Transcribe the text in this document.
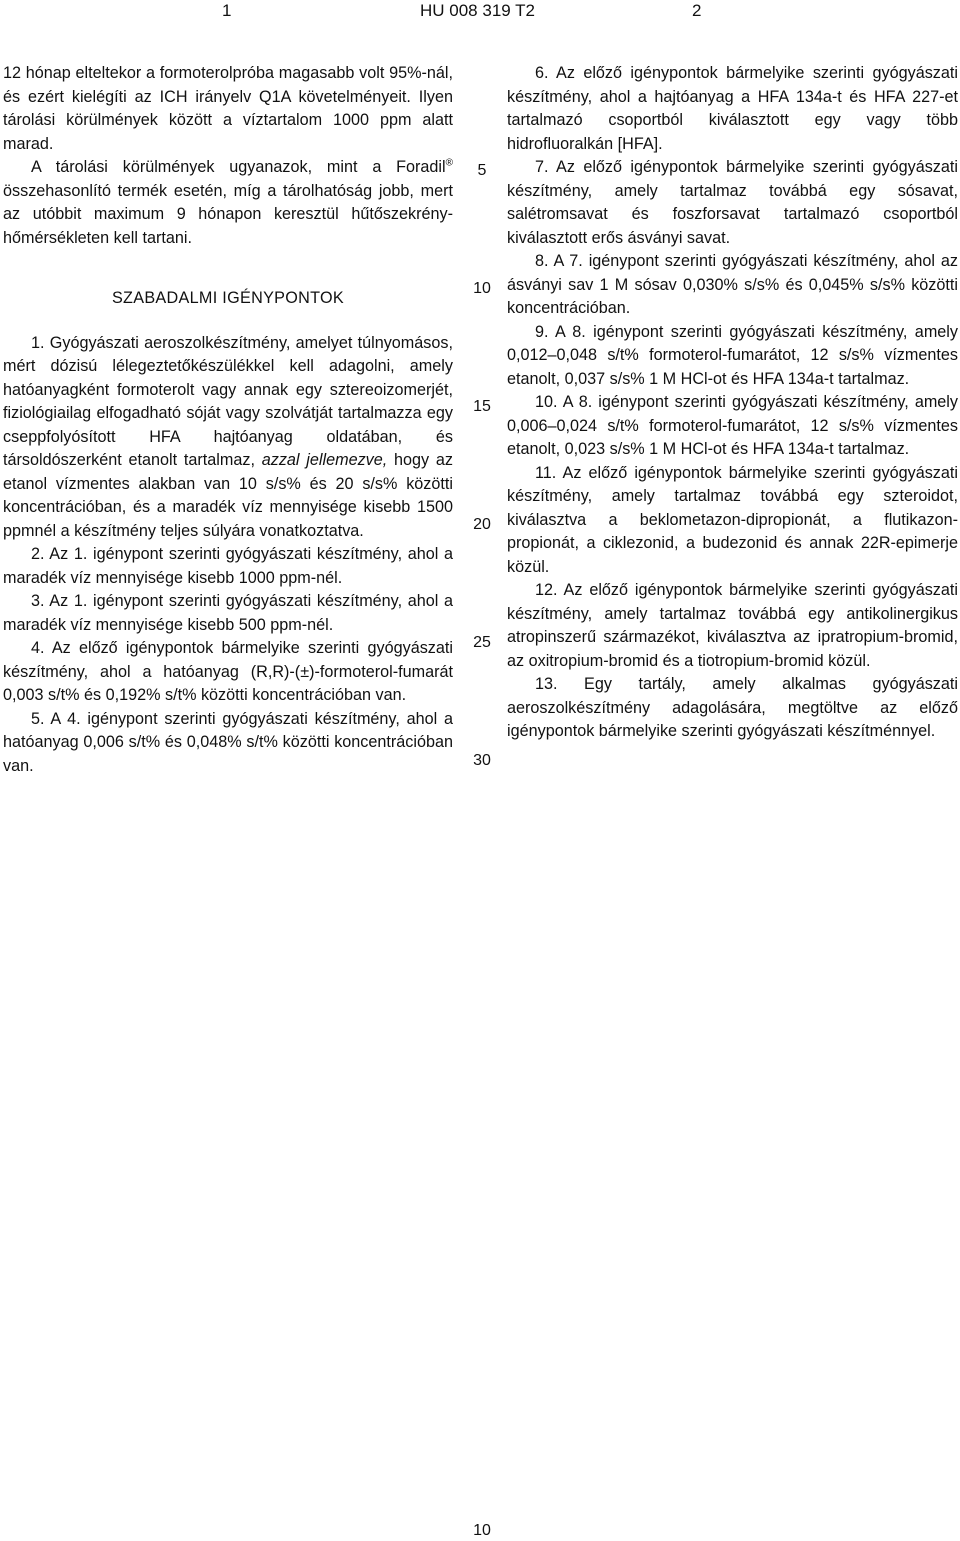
1	HU 008 319 T2	2

12 hónap elteltekor a formoterolpróba magasabb volt 95%-nál, és ezért kielégíti az ICH irányelv Q1A követelményeit. Ilyen tárolási körülmények között a víztartalom 1000 ppm alatt marad.

A tárolási körülmények ugyanazok, mint a Foradil® összehasonlító termék esetén, míg a tárolhatóság jobb, mert az utóbbit maximum 9 hónapon keresztül hűtőszekrény-hőmérsékleten kell tartani.

SZABADALMI IGÉNYPONTOK

1. Gyógyászati aeroszolkészítmény, amelyet túlnyomásos, mért dózisú lélegeztetőkészülékkel kell adagolni, amely hatóanyagként formoterolt vagy annak egy sztereoizomerjét, fiziológiailag elfogadható sóját vagy szolvátját tartalmazza egy cseppfolyósított HFA hajtóanyag oldatában, és társoldószerként etanolt tartalmaz, azzal jellemezve, hogy az etanol vízmentes alakban van 10 s/s% és 20 s/s% közötti koncentrációban, és a maradék víz mennyisége kisebb 1500 ppmnél a készítmény teljes súlyára vonatkoztatva.

2. Az 1. igénypont szerinti gyógyászati készítmény, ahol a maradék víz mennyisége kisebb 1000 ppm-nél.

3. Az 1. igénypont szerinti gyógyászati készítmény, ahol a maradék víz mennyisége kisebb 500 ppm-nél.

4. Az előző igénypontok bármelyike szerinti gyógyászati készítmény, ahol a hatóanyag (R,R)-(±)-formoterol-fumarát 0,003 s/t% és 0,192% s/t% közötti koncentrációban van.

5. A 4. igénypont szerinti gyógyászati készítmény, ahol a hatóanyag 0,006 s/t% és 0,048% s/t% közötti koncentrációban van.

5
10
15
20
25
30

6. Az előző igénypontok bármelyike szerinti gyógyászati készítmény, ahol a hajtóanyag a HFA 134a-t és HFA 227-et tartalmazó csoportból kiválasztott egy vagy több hidrofluoralkán [HFA].

7. Az előző igénypontok bármelyike szerinti gyógyászati készítmény, amely tartalmaz továbbá egy sósavat, salétromsavat és foszforsavat tartalmazó csoportból kiválasztott erős ásványi savat.

8. A 7. igénypont szerinti gyógyászati készítmény, ahol az ásványi sav 1 M sósav 0,030% s/s% és 0,045% s/s% közötti koncentrációban.

9. A 8. igénypont szerinti gyógyászati készítmény, amely 0,012–0,048 s/t% formoterol-fumarátot, 12 s/s% vízmentes etanolt, 0,037 s/s% 1 M HCl-ot és HFA 134a-t tartalmaz.

10. A 8. igénypont szerinti gyógyászati készítmény, amely 0,006–0,024 s/t% formoterol-fumarátot, 12 s/s% vízmentes etanolt, 0,023 s/s% 1 M HCl-ot és HFA 134a-t tartalmaz.

11. Az előző igénypontok bármelyike szerinti gyógyászati készítmény, amely tartalmaz továbbá egy szteroidot, kiválasztva a beklometazon-dipropionát, a flutikazon-propionát, a ciklezonid, a budezonid és annak 22R-epimerje közül.

12. Az előző igénypontok bármelyike szerinti gyógyászati készítmény, amely tartalmaz továbbá egy antikolinergikus atropinszerű származékot, kiválasztva az ipratropium-bromid, az oxitropium-bromid és a tiotropium-bromid közül.

13. Egy tartály, amely alkalmas gyógyászati aeroszolkészítmény adagolására, megtöltve az előző igénypontok bármelyike szerinti gyógyászati készítménnyel.

10
